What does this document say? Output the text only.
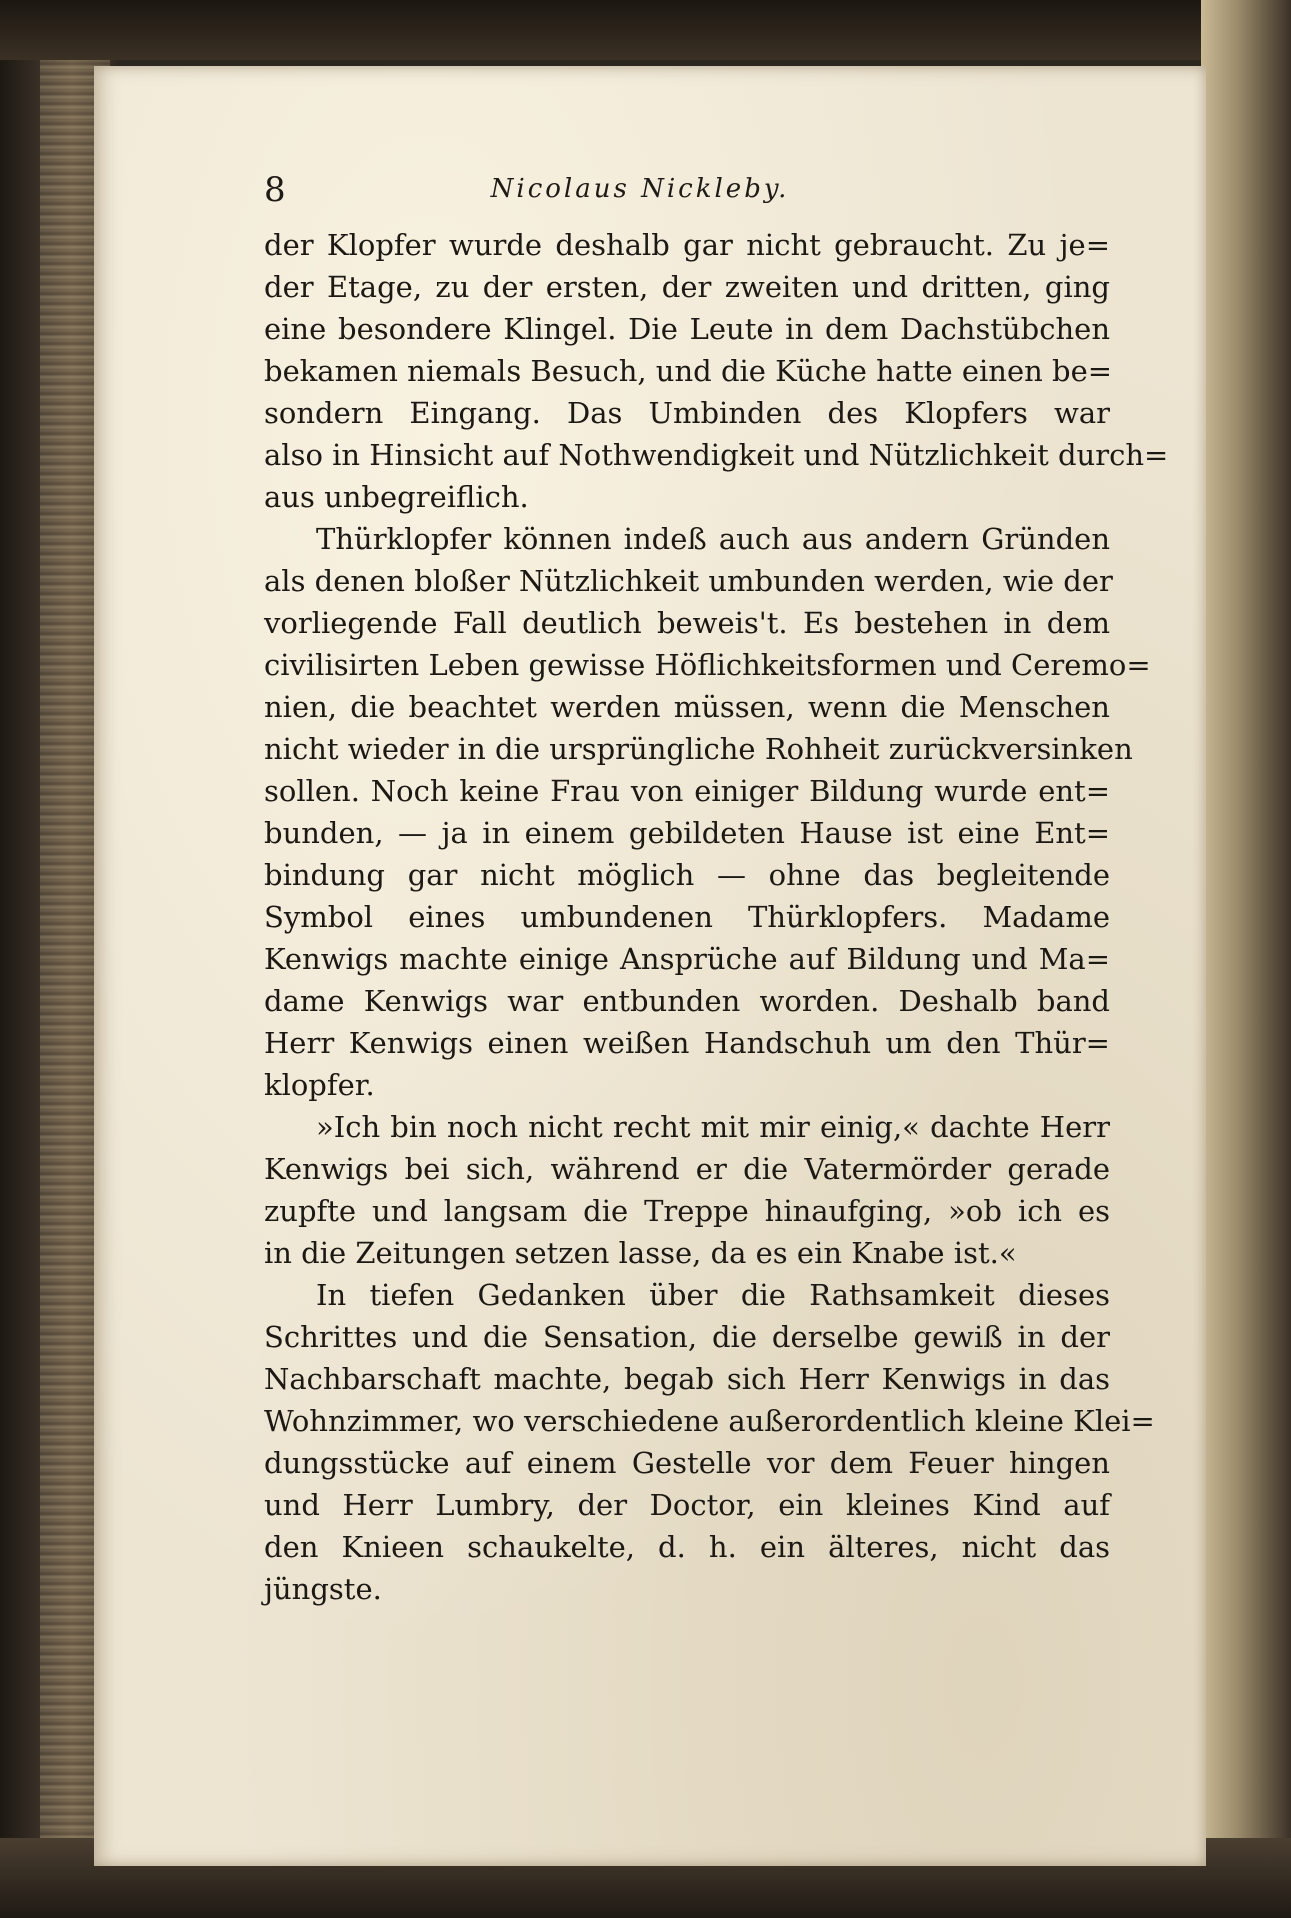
8	Nicolaus Nickleby.
der Klopfer wurde deshalb gar nicht gebraucht. Zu je=
der Etage, zu der ersten, der zweiten und dritten, ging
eine besondere Klingel. Die Leute in dem Dachstübchen
bekamen niemals Besuch, und die Küche hatte einen be=
sondern Eingang. Das Umbinden des Klopfers war
also in Hinsicht auf Nothwendigkeit und Nützlichkeit durch=
aus unbegreiflich.
Thürklopfer können indeß auch aus andern Gründen
als denen bloßer Nützlichkeit umbunden werden, wie der
vorliegende Fall deutlich beweis't. Es bestehen in dem
civilisirten Leben gewisse Höflichkeitsformen und Ceremo=
nien, die beachtet werden müssen, wenn die Menschen
nicht wieder in die ursprüngliche Rohheit zurückversinken
sollen. Noch keine Frau von einiger Bildung wurde ent=
bunden, — ja in einem gebildeten Hause ist eine Ent=
bindung gar nicht möglich — ohne das begleitende
Symbol eines umbundenen Thürklopfers. Madame
Kenwigs machte einige Ansprüche auf Bildung und Ma=
dame Kenwigs war entbunden worden. Deshalb band
Herr Kenwigs einen weißen Handschuh um den Thür=
klopfer.
»Ich bin noch nicht recht mit mir einig,« dachte Herr
Kenwigs bei sich, während er die Vatermörder gerade
zupfte und langsam die Treppe hinaufging, »ob ich es
in die Zeitungen setzen lasse, da es ein Knabe ist.«
In tiefen Gedanken über die Rathsamkeit dieses
Schrittes und die Sensation, die derselbe gewiß in der
Nachbarschaft machte, begab sich Herr Kenwigs in das
Wohnzimmer, wo verschiedene außerordentlich kleine Klei=
dungsstücke auf einem Gestelle vor dem Feuer hingen
und Herr Lumbry, der Doctor, ein kleines Kind auf
den Knieen schaukelte, d. h. ein älteres, nicht das
jüngste.
